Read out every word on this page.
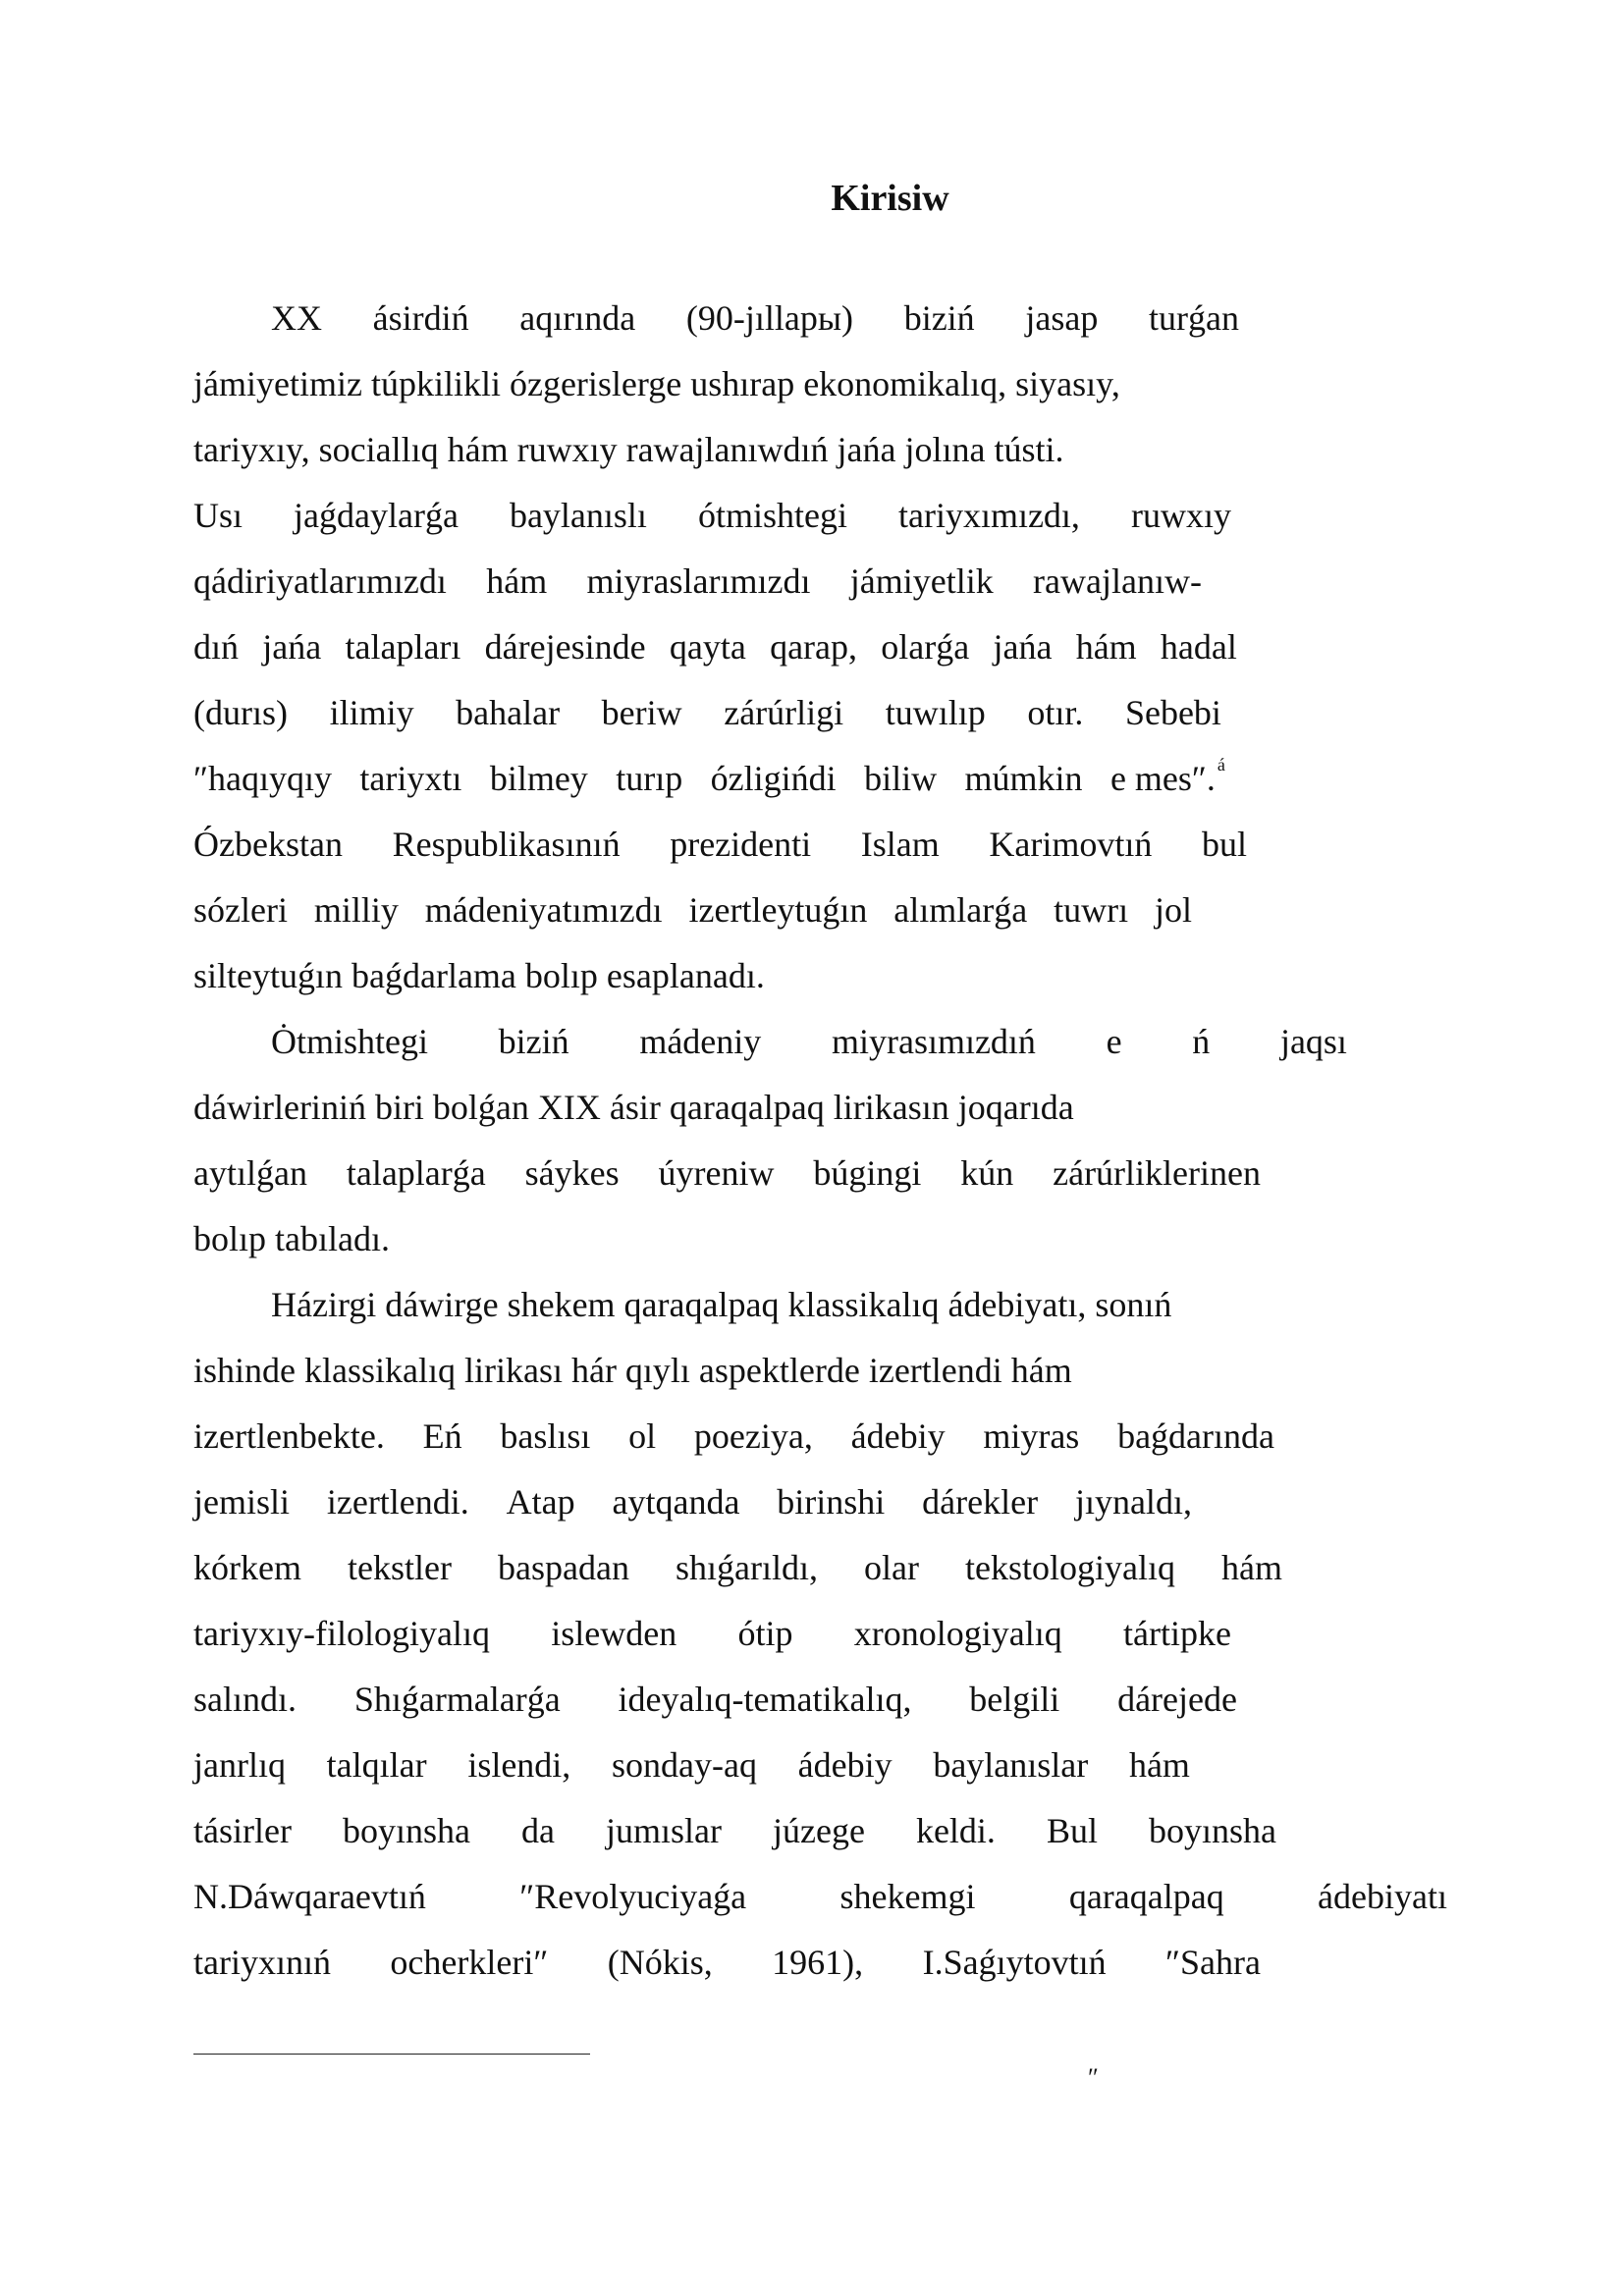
Kirisiw
XX ásirdiń aqırında (90-jıllары) biziń jasap turǵan
jámiyetimiz túpkilikli ózgerislerge ushırap ekonomikalıq, siyasıy,
tariyxıy, sociallıq hám ruwxıy rawajlanıwdıń jańa jolına tústi.
Usı jaǵdaylarǵa baylanıslı ótmishtegi tariyxımızdı, ruwxıy
qádiriyatlarımızdı hám miyraslarımızdı jámiyetlik rawajlanıw-
dıń jańa talapları dárejesinde qayta qarap, olarǵa jańa hám hadal
(durıs) ilimiy bahalar beriw zárúrligi tuwılıp otır. Sebebi
″haqıyqıy tariyxtı bilmey turıp ózligińdi biliw múmkin e mes″. á
Ózbekstan Respublikasınıń prezidenti Islam Karimovtıń bul
sózleri milliy mádeniyatımızdı izertleytuǵın alımlarǵa tuwrı jol
silteytuǵın baǵdarlama bolıp esaplanadı.
Ȯtmishtegi biziń mádeniy miyrasımızdıń e ń jaqsı
dáwirleriniń biri bolǵan XIX ásir qaraqalpaq lirikasın joqarıda
aytılǵan talaplarǵa sáykes úyreniw búgingi kún zárúrliklerinen
bolıp tabıladı.
Házirgi dáwirge shekem qaraqalpaq klassikalıq ádebiyatı, sonıń
ishinde klassikalıq lirikası hár qıylı aspektlerde izertlendi hám
izertlenbekte. Eń baslısı ol poeziya, ádebiy miyras baǵdarında
jemisli izertlendi. Atap aytqanda birinshi dárekler jıynaldı,
kórkem tekstler baspadan shıǵarıldı, olar tekstologiyalıq hám
tariyxıy-filologiyalıq islewden ótip xronologiyalıq tártipke
salındı. Shıǵarmalarǵa ideyalıq-tematikalıq, belgili dárejede
janrlıq talqılar islendi, sonday-aq ádebiy baylanıslar hám
tásirler boyınsha da jumıslar júzege keldi. Bul boyınsha
N.Dáwqaraevtıń	″Revolyuciyaǵa	shekemgi	qaraqalpaq	ádebiyatı
tariyxınıń ocherkleri″ (Nókis, 1961), I.Saǵıytovtıń ″Sahra
″
